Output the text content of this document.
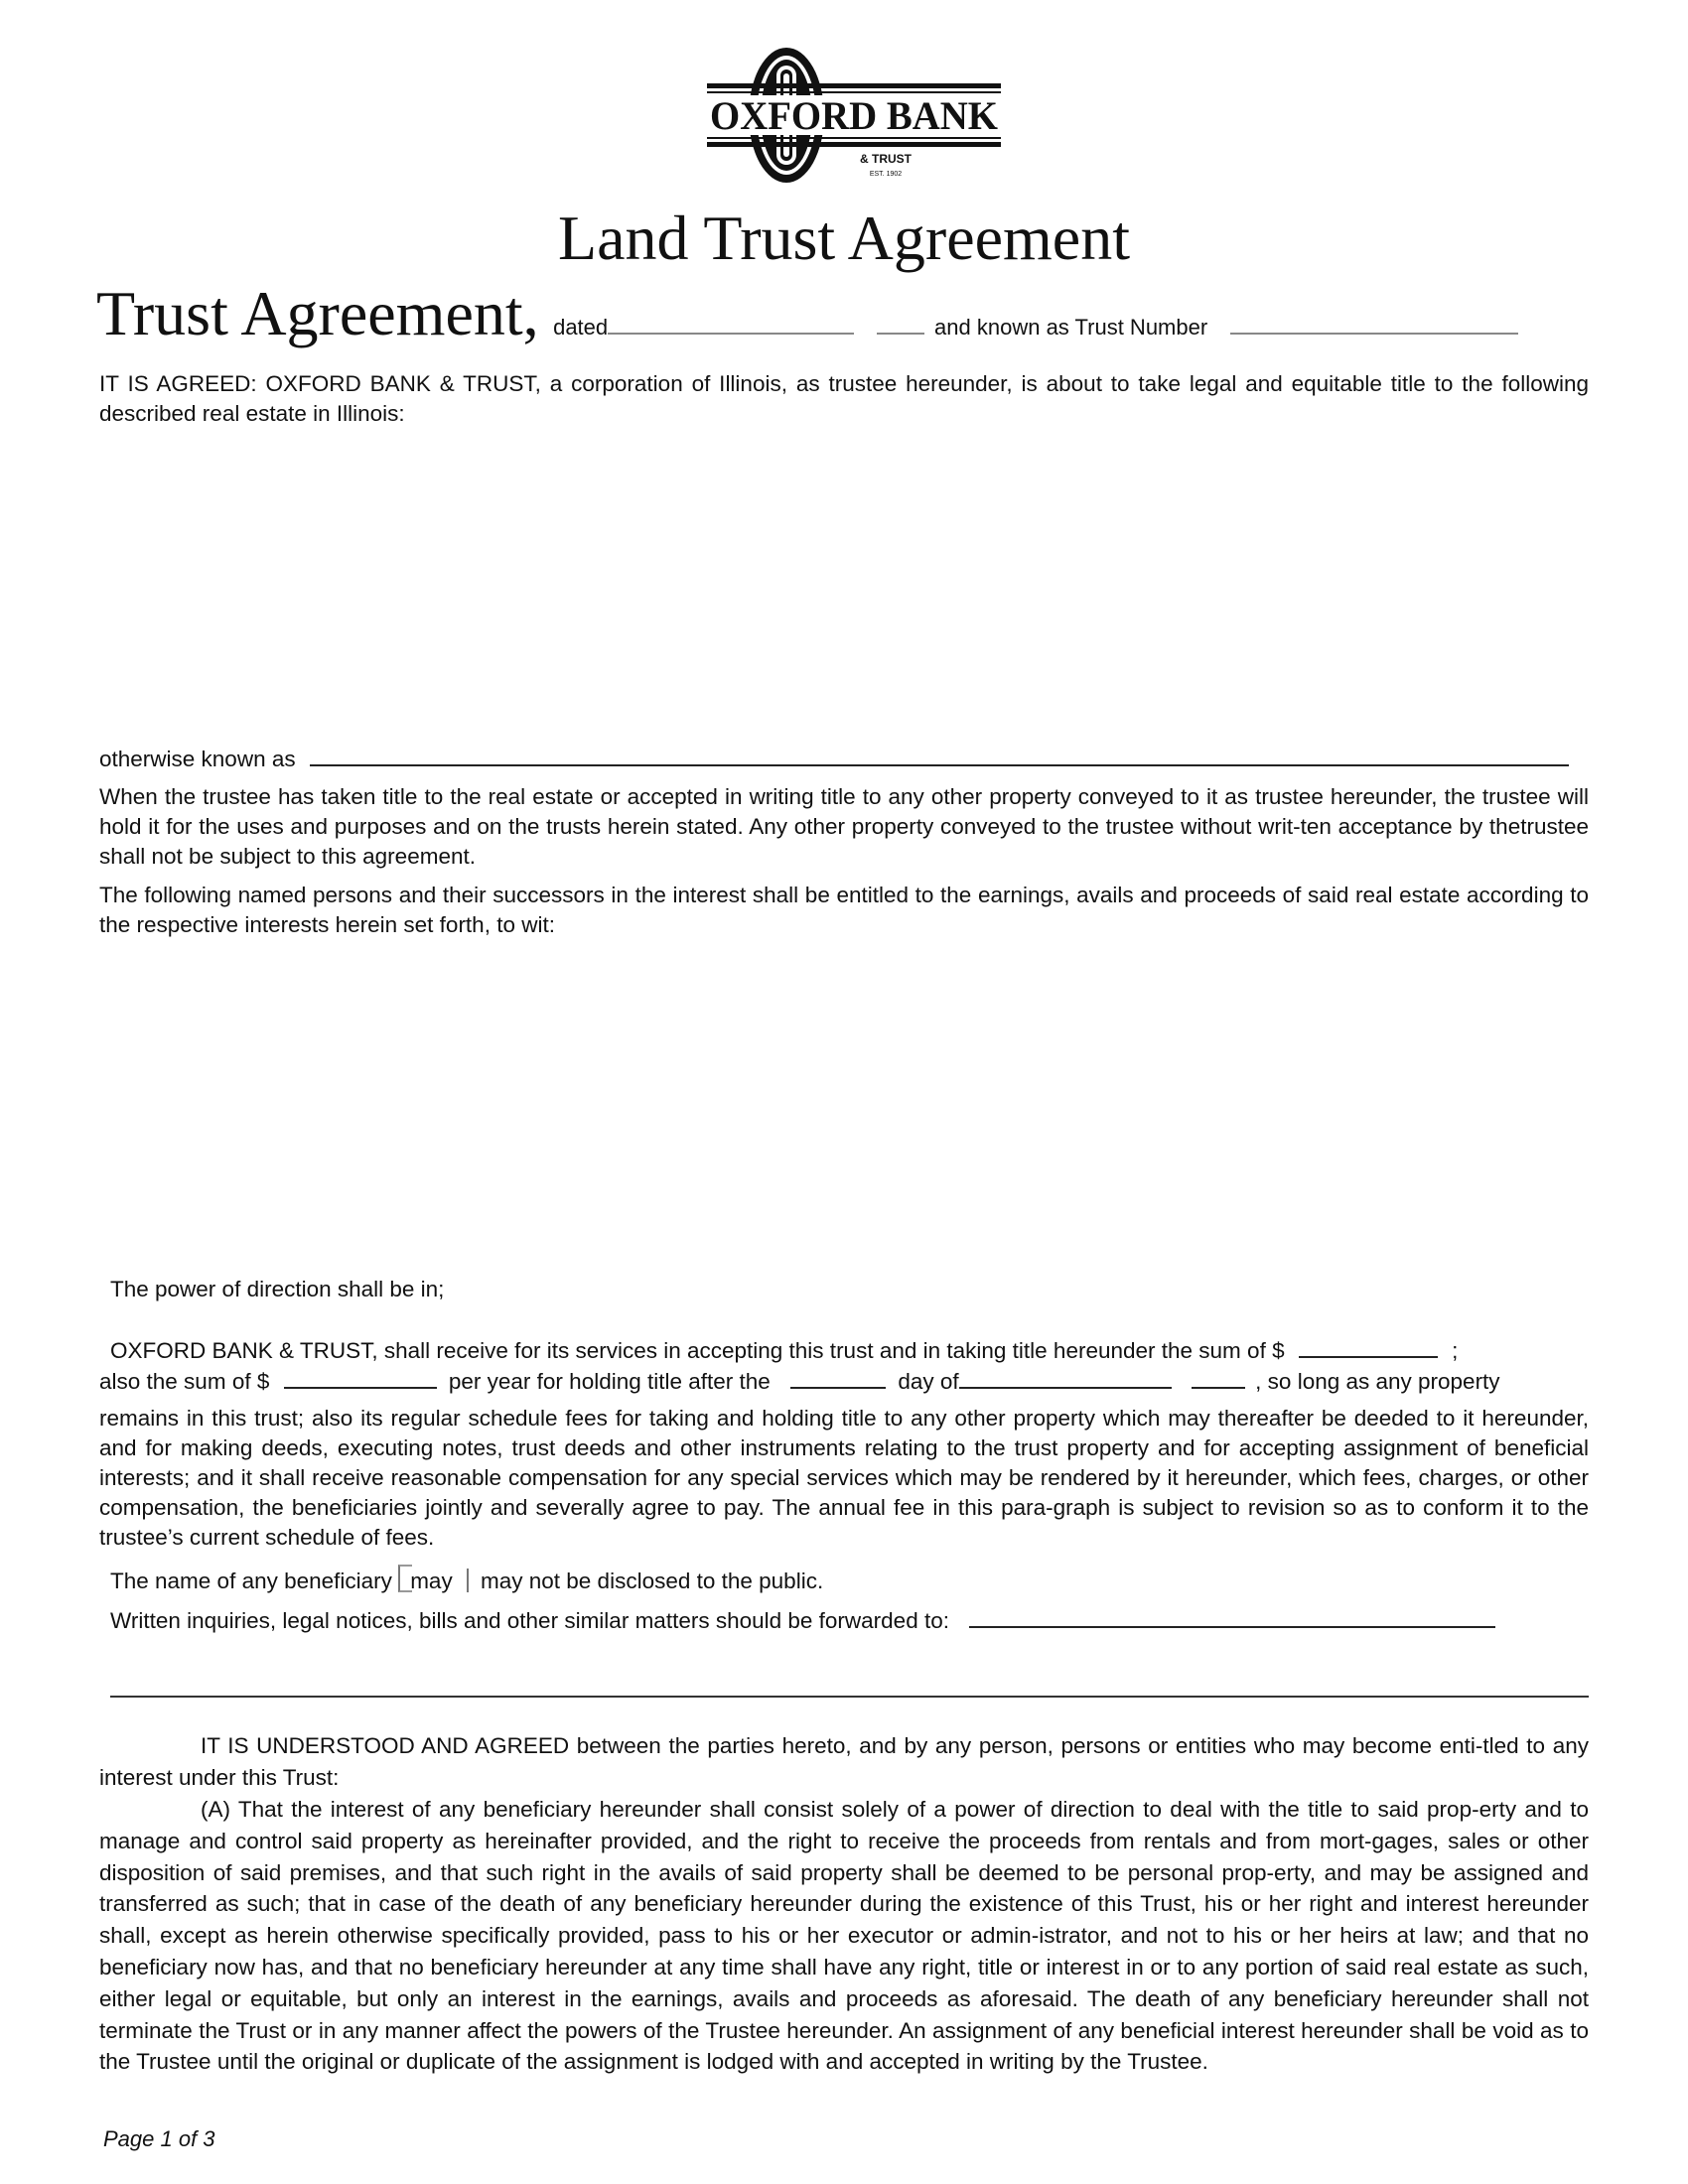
OXFORD BANK
& TRUST
EST. 1902
Land Trust Agreement
Trust Agreement, dated	and known as Trust Number
IT IS AGREED: OXFORD BANK & TRUST, a corporation of Illinois, as trustee hereunder, is about to take legal and equitable title to the following described real estate in Illinois:
otherwise known as
When the trustee has taken title to the real estate or accepted in writing title to any other property conveyed to it as trustee hereunder, the trustee will hold it for the uses and purposes and on the trusts herein stated. Any other property conveyed to the trustee without writ-ten acceptance by thetrustee shall not be subject to this agreement.
The following named persons and their successors in the interest shall be entitled to the earnings, avails and proceeds of said real estate according to the respective interests herein set forth, to wit:
The power of direction shall be in;
OXFORD BANK & TRUST, shall receive for its services in accepting this trust and in taking title hereunder the sum of $	;
also the sum of $	per year for holding title after the	day of	, so long as any property
remains in this trust; also its regular schedule fees for taking and holding title to any other property which may thereafter be deeded to it hereunder, and for making deeds, executing notes, trust deeds and other instruments relating to the trust property and for accepting assignment of beneficial interests; and it shall receive reasonable compensation for any special services which may be rendered by it hereunder, which fees, charges, or other compensation, the beneficiaries jointly and severally agree to pay. The annual fee in this para-graph is subject to revision so as to conform it to the trustee’s current schedule of fees.
The name of any beneficiary may may not be disclosed to the public.
Written inquiries, legal notices, bills and other similar matters should be forwarded to:
IT IS UNDERSTOOD AND AGREED between the parties hereto, and by any person, persons or entities who may become enti-tled to any interest under this Trust:
(A) That the interest of any beneficiary hereunder shall consist solely of a power of direction to deal with the title to said prop-erty and to manage and control said property as hereinafter provided, and the right to receive the proceeds from rentals and from mort-gages, sales or other disposition of said premises, and that such right in the avails of said property shall be deemed to be personal prop-erty, and may be assigned and transferred as such; that in case of the death of any beneficiary hereunder during the existence of this Trust, his or her right and interest hereunder shall, except as herein otherwise specifically provided, pass to his or her executor or admin-istrator, and not to his or her heirs at law; and that no beneficiary now has, and that no beneficiary hereunder at any time shall have any right, title or interest in or to any portion of said real estate as such, either legal or equitable, but only an interest in the earnings, avails and proceeds as aforesaid. The death of any beneficiary hereunder shall not terminate the Trust or in any manner affect the powers of the Trustee hereunder. An assignment of any beneficial interest hereunder shall be void as to the Trustee until the original or duplicate of the assignment is lodged with and accepted in writing by the Trustee.
Page 1 of 3
